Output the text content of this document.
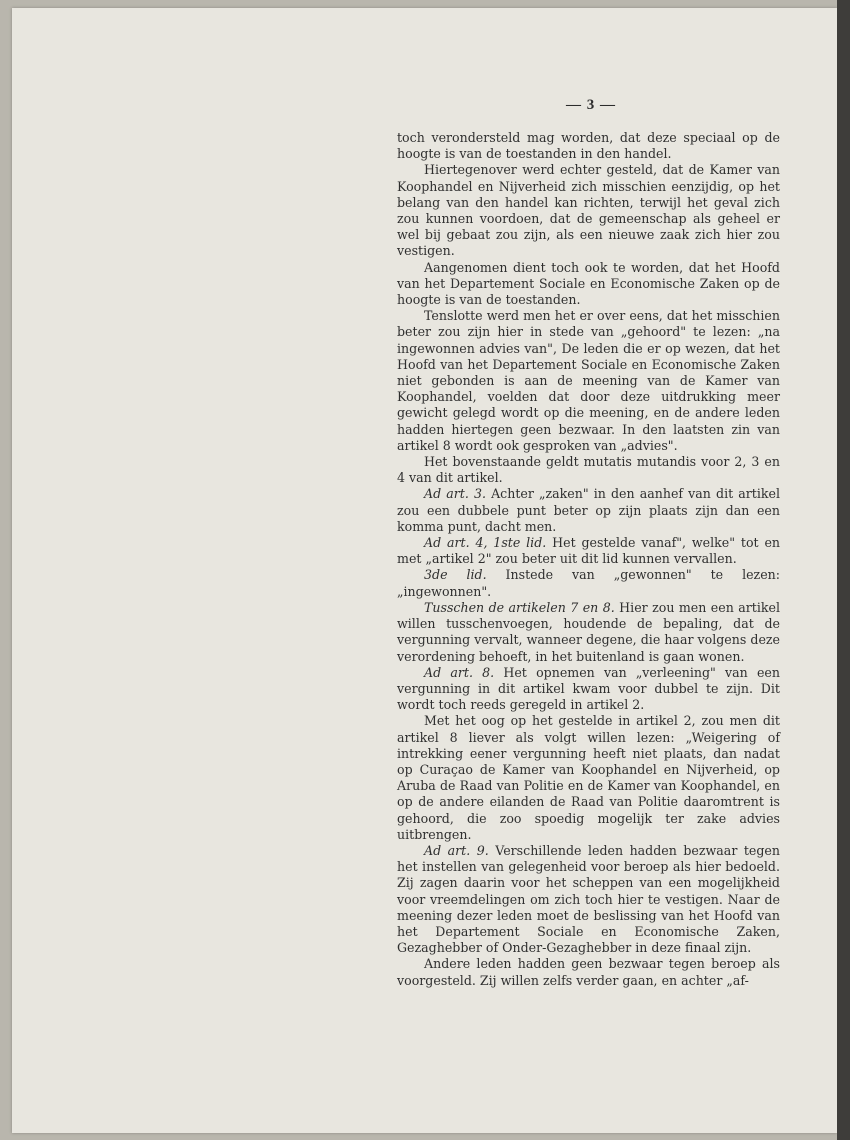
— 3 —

toch verondersteld mag worden, dat deze speciaal op de hoogte is van de toestanden in den handel.

Hiertegenover werd echter gesteld, dat de Kamer van Koophandel en Nijverheid zich misschien eenzijdig, op het belang van den handel kan richten, terwijl het geval zich zou kunnen voordoen, dat de gemeenschap als geheel er wel bij gebaat zou zijn, als een nieuwe zaak zich hier zou vestigen.

Aangenomen dient toch ook te worden, dat het Hoofd van het Departement Sociale en Economische Zaken op de hoogte is van de toestanden.

Tenslotte werd men het er over eens, dat het misschien beter zou zijn hier in stede van „gehoord" te lezen: „na ingewonnen advies van", De leden die er op wezen, dat het Hoofd van het Departement Sociale en Economische Zaken niet gebonden is aan de meening van de Kamer van Koophandel, voelden dat door deze uitdrukking meer gewicht gelegd wordt op die meening, en de andere leden hadden hiertegen geen bezwaar. In den laatsten zin van artikel 8 wordt ook gesproken van „advies".

Het bovenstaande geldt mutatis mutandis voor 2, 3 en 4 van dit artikel.

Ad art. 3. Achter „zaken" in den aanhef van dit artikel zou een dubbele punt beter op zijn plaats zijn dan een komma punt, dacht men.

Ad art. 4, 1ste lid. Het gestelde vanaf", welke" tot en met „artikel 2" zou beter uit dit lid kunnen vervallen.

3de lid. Instede van „gewonnen" te lezen: „ingewonnen".

Tusschen de artikelen 7 en 8. Hier zou men een artikel willen tusschenvoegen, houdende de bepaling, dat de vergunning vervalt, wanneer degene, die haar volgens deze verordening behoeft, in het buitenland is gaan wonen.

Ad art. 8. Het opnemen van „verleening" van een vergunning in dit artikel kwam voor dubbel te zijn. Dit wordt toch reeds geregeld in artikel 2.

Met het oog op het gestelde in artikel 2, zou men dit artikel 8 liever als volgt willen lezen: „Weigering of intrekking eener vergunning heeft niet plaats, dan nadat op Curaçao de Kamer van Koophandel en Nijverheid, op Aruba de Raad van Politie en de Kamer van Koophandel, en op de andere eilanden de Raad van Politie daaromtrent is gehoord, die zoo spoedig mogelijk ter zake advies uitbrengen.

Ad art. 9. Verschillende leden hadden bezwaar tegen het instellen van gelegenheid voor beroep als hier bedoeld. Zij zagen daarin voor het scheppen van een mogelijkheid voor vreemdelingen om zich toch hier te vestigen. Naar de meening dezer leden moet de beslissing van het Hoofd van het Departement Sociale en Economische Zaken, Gezaghebber of Onder-Gezaghebber in deze finaal zijn.

Andere leden hadden geen bezwaar tegen beroep als voorgesteld. Zij willen zelfs verder gaan, en achter „af-
